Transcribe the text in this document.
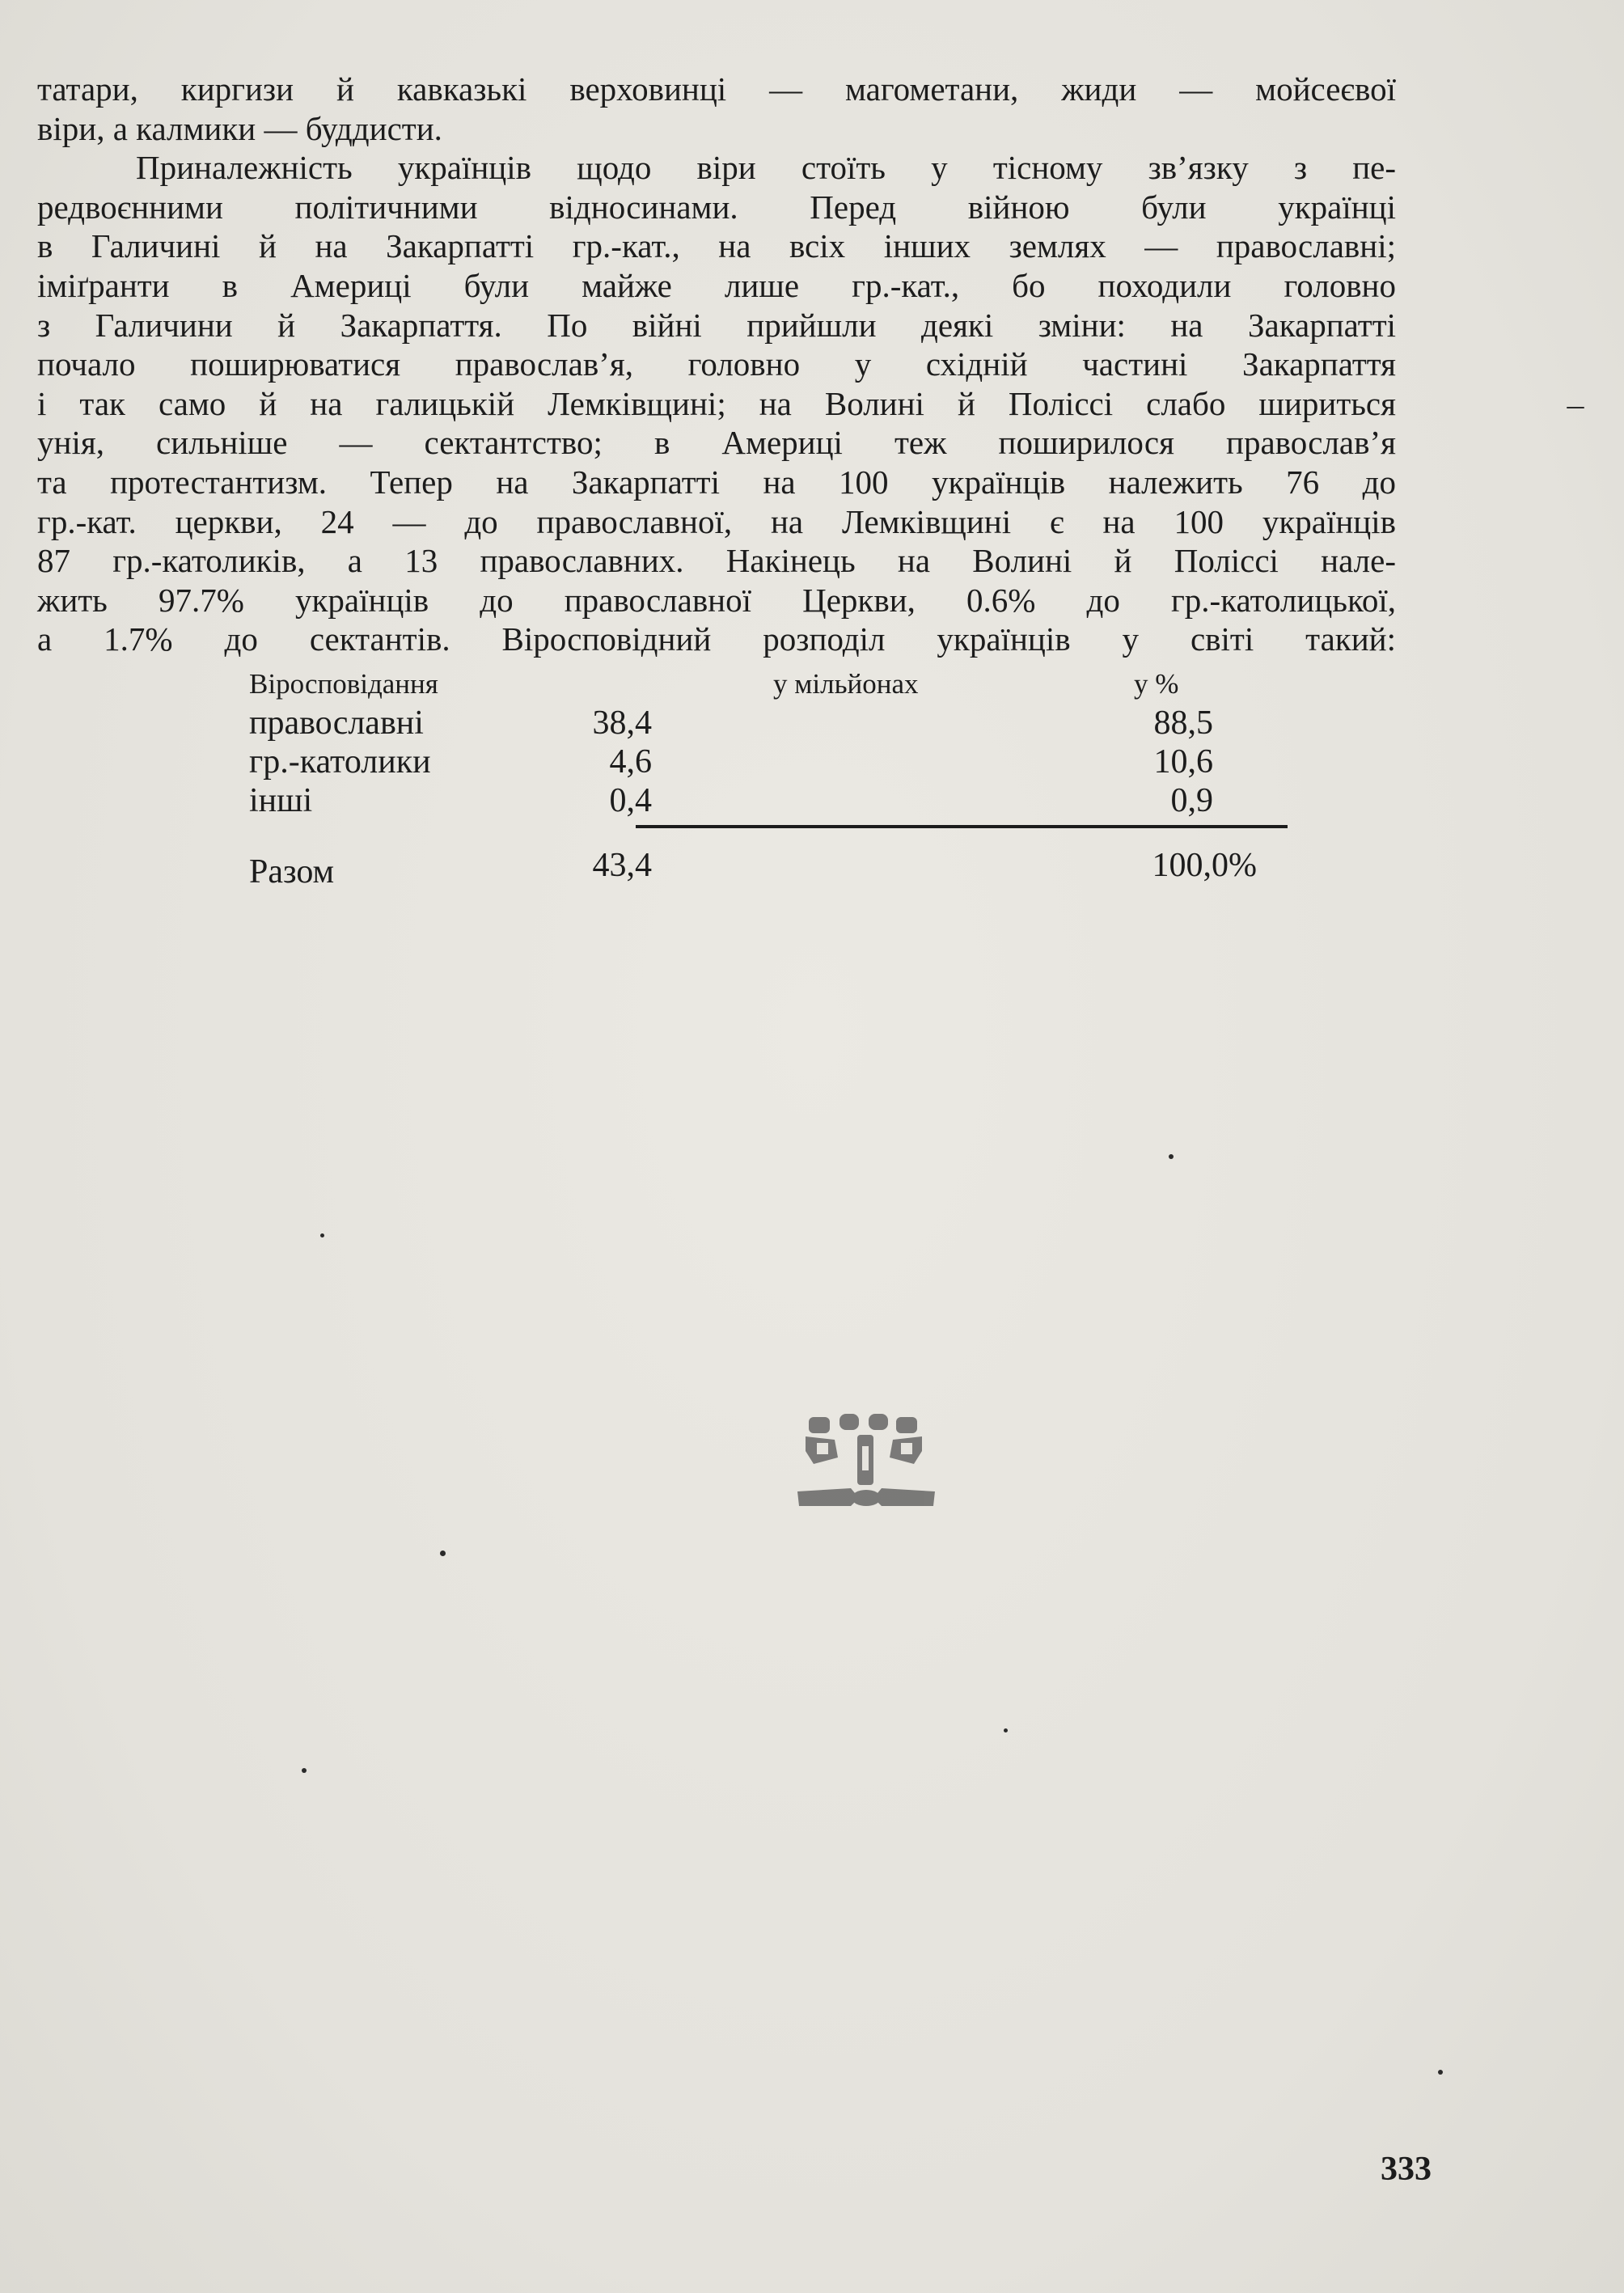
татари, киргизи й кавказькі верховинці — магометани, жиди — мойсеєвої
віри, а калмики — буддисти.
Приналежність українців щодо віри стоїть у тісному зв’язку з пе-
редвоєнними політичними відносинами. Перед війною були українці
в Галичині й на Закарпатті гр.-кат., на всіх інших землях — православні;
іміґранти в Америці були майже лише гр.-кат., бо походили головно
з Галичини й Закарпаття. По війні прийшли деякі зміни: на Закарпатті
почало поширюватися православ’я, головно у східній частині Закарпаття
і так само й на галицькій Лемківщині; на Волині й Поліссі слабо шириться
унія, сильніше — сектантство; в Америці теж поширилося православ’я
та протестантизм. Тепер на Закарпатті на 100 українців належить 76 до
гр.-кат. церкви, 24 — до православної, на Лемківщині є на 100 українців
87 гр.-католиків, а 13 православних. Накінець на Волині й Поліссі нале-
жить 97.7% українців до православної Церкви, 0.6% до гр.-католицької,
а 1.7% до сектантів. Віросповідний розподіл українців у світі такий:
Віросповідання	у мільйонах	у %
православні	38,4	88,5
гр.-католики	4,6	10,6
інші	0,4	0,9
Разом	43,4	100,0%
333
